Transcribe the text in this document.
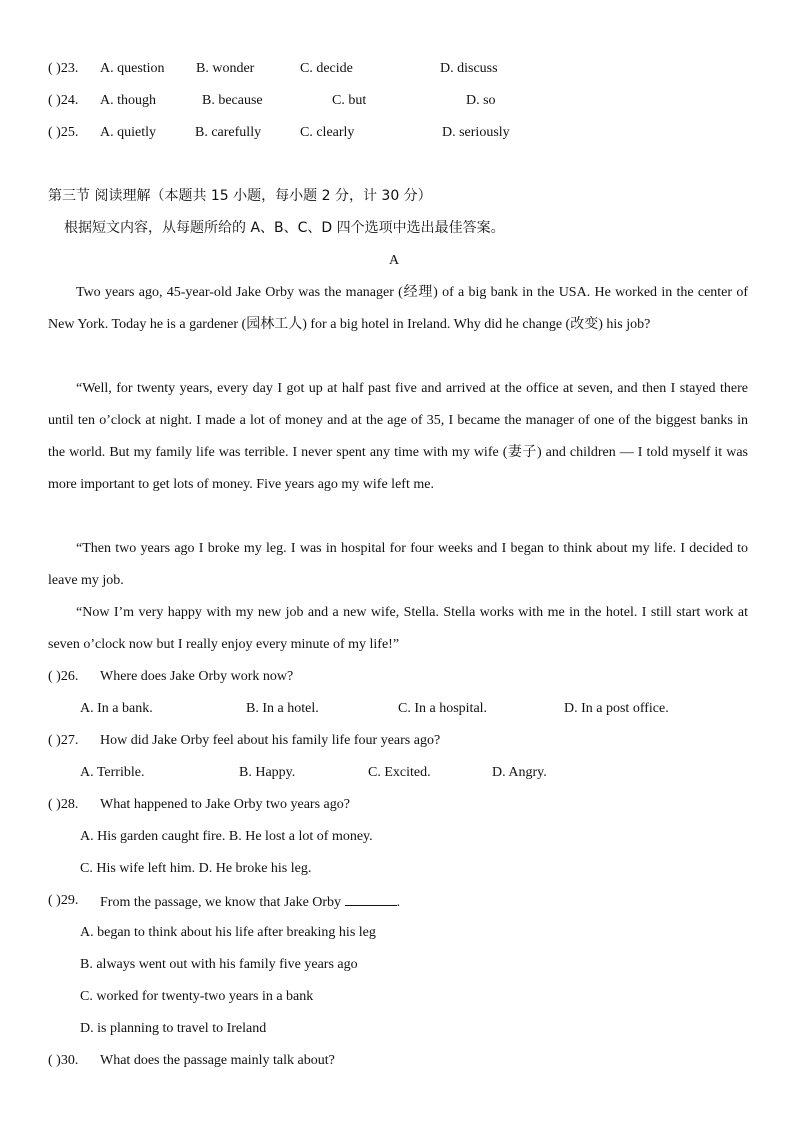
( )23. A. question B. wonder	C. decide	D. discuss
( )24. A. though	B. because	C. but	D. so
( )25. A. quietly	B. carefully	C. clearly	D. seriously
第三节 阅读理解（本题共 15 小题，每小题 2 分，计 30 分）
根据短文内容，从每题所给的 A、B、C、D 四个选项中选出最佳答案。
A
Two years ago, 45-year-old Jake Orby was the manager (经理) of a big bank in the USA. He worked in the center of New York. Today he is a gardener (园林工人) for a big hotel in Ireland. Why did he change (改变) his job?
“Well, for twenty years, every day I got up at half past five and arrived at the office at seven, and then I stayed there until ten o’clock at night. I made a lot of money and at the age of 35, I became the manager of one of the biggest banks in the world. But my family life was terrible. I never spent any time with my wife (妻子) and children — I told myself it was more important to get lots of money. Five years ago my wife left me.
“Then two years ago I broke my leg. I was in hospital for four weeks and I began to think about my life. I decided to leave my job.
“Now I’m very happy with my new job and a new wife, Stella. Stella works with me in the hotel. I still start work at seven o’clock now but I really enjoy every minute of my life!”
( )26. Where does Jake Orby work now?
A. In a bank.	B. In a hotel.	C. In a hospital.	D. In a post office.
( )27. How did Jake Orby feel about his family life four years ago?
A. Terrible.	B. Happy.	C. Excited.	D. Angry.
( )28. What happened to Jake Orby two years ago?
A. His garden caught fire. B. He lost a lot of money.
C. His wife left him. D. He broke his leg.
( )29. From the passage, we know that Jake Orby	.
A. began to think about his life after breaking his leg
B. always went out with his family five years ago
C. worked for twenty-two years in a bank
D. is planning to travel to Ireland
( )30. What does the passage mainly talk about?
